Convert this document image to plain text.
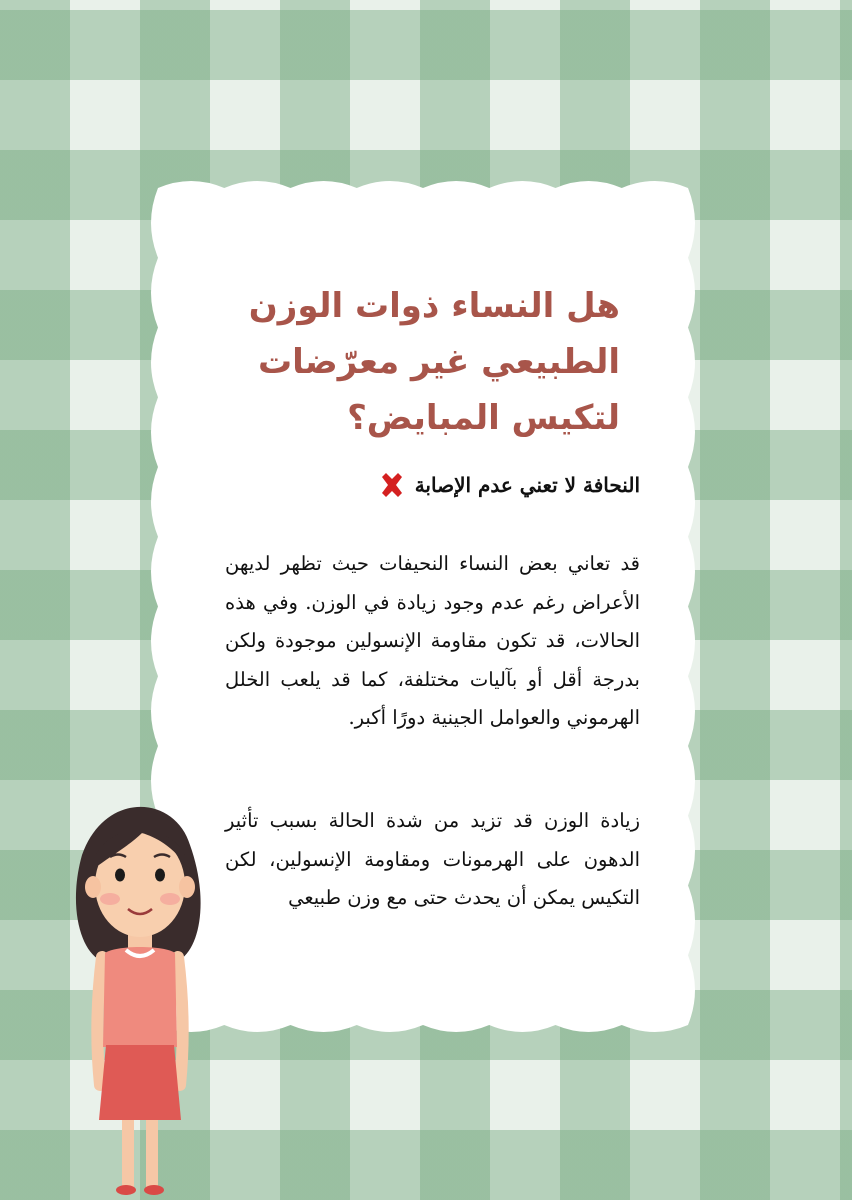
هل النساء ذوات الوزن الطبيعي غير معرّضات لتكيس المبايض؟
النحافة لا تعني عدم الإصابة
قد تعاني بعض النساء النحيفات حيث تظهر لديهن الأعراض رغم عدم وجود زيادة في الوزن. وفي هذه الحالات، قد تكون مقاومة الإنسولين موجودة ولكن بدرجة أقل أو بآليات مختلفة، كما قد يلعب الخلل الهرموني والعوامل الجينية دورًا أكبر.
زيادة الوزن قد تزيد من شدة الحالة بسبب تأثير الدهون على الهرمونات ومقاومة الإنسولين، لكن التكيس يمكن أن يحدث حتى مع وزن طبيعي
